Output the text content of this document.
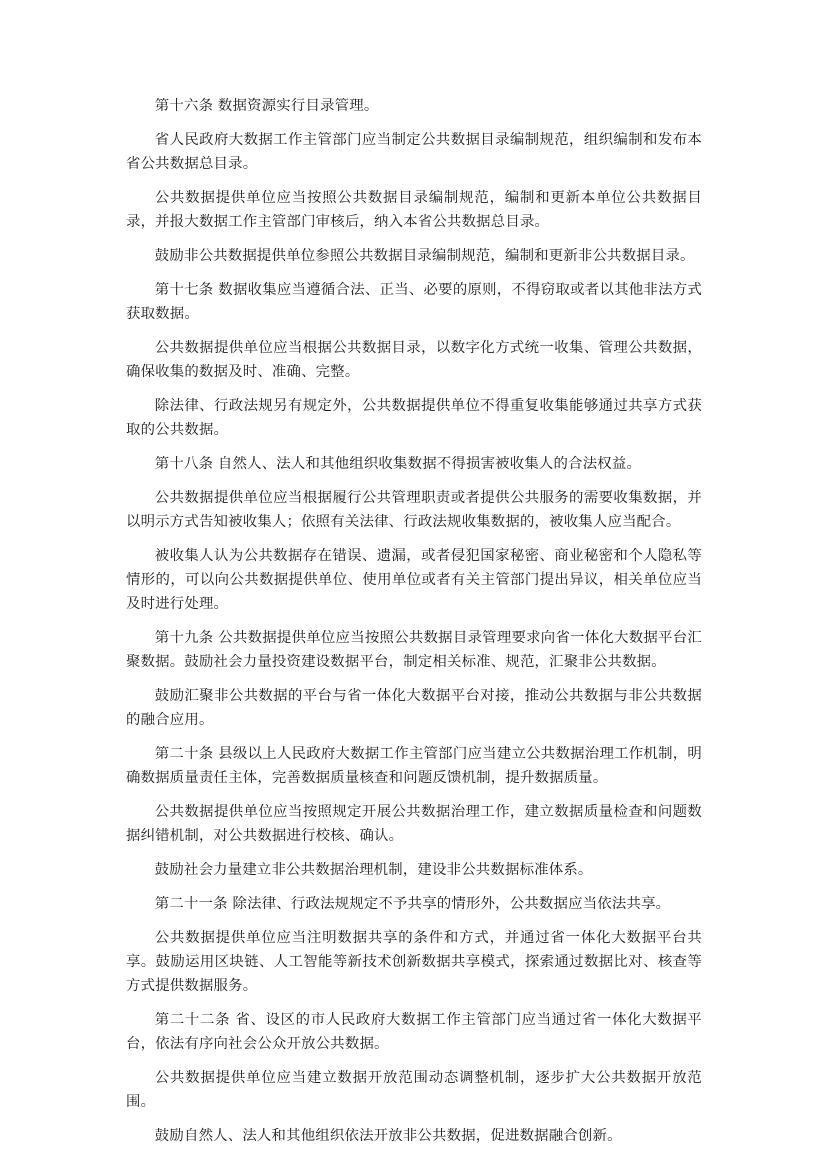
第十六条 数据资源实行目录管理。

省人民政府大数据工作主管部门应当制定公共数据目录编制规范，组织编制和发布本省公共数据总目录。

公共数据提供单位应当按照公共数据目录编制规范，编制和更新本单位公共数据目录，并报大数据工作主管部门审核后，纳入本省公共数据总目录。

鼓励非公共数据提供单位参照公共数据目录编制规范，编制和更新非公共数据目录。

第十七条 数据收集应当遵循合法、正当、必要的原则，不得窃取或者以其他非法方式获取数据。

公共数据提供单位应当根据公共数据目录，以数字化方式统一收集、管理公共数据，确保收集的数据及时、准确、完整。

除法律、行政法规另有规定外，公共数据提供单位不得重复收集能够通过共享方式获取的公共数据。

第十八条 自然人、法人和其他组织收集数据不得损害被收集人的合法权益。

公共数据提供单位应当根据履行公共管理职责或者提供公共服务的需要收集数据，并以明示方式告知被收集人；依照有关法律、行政法规收集数据的，被收集人应当配合。

被收集人认为公共数据存在错误、遗漏，或者侵犯国家秘密、商业秘密和个人隐私等情形的，可以向公共数据提供单位、使用单位或者有关主管部门提出异议，相关单位应当及时进行处理。

第十九条 公共数据提供单位应当按照公共数据目录管理要求向省一体化大数据平台汇聚数据。鼓励社会力量投资建设数据平台，制定相关标准、规范，汇聚非公共数据。

鼓励汇聚非公共数据的平台与省一体化大数据平台对接，推动公共数据与非公共数据的融合应用。

第二十条 县级以上人民政府大数据工作主管部门应当建立公共数据治理工作机制，明确数据质量责任主体，完善数据质量核查和问题反馈机制，提升数据质量。

公共数据提供单位应当按照规定开展公共数据治理工作，建立数据质量检查和问题数据纠错机制，对公共数据进行校核、确认。

鼓励社会力量建立非公共数据治理机制，建设非公共数据标准体系。

第二十一条 除法律、行政法规规定不予共享的情形外，公共数据应当依法共享。

公共数据提供单位应当注明数据共享的条件和方式，并通过省一体化大数据平台共享。鼓励运用区块链、人工智能等新技术创新数据共享模式，探索通过数据比对、核查等方式提供数据服务。

第二十二条 省、设区的市人民政府大数据工作主管部门应当通过省一体化大数据平台，依法有序向社会公众开放公共数据。

公共数据提供单位应当建立数据开放范围动态调整机制，逐步扩大公共数据开放范围。

鼓励自然人、法人和其他组织依法开放非公共数据，促进数据融合创新。
